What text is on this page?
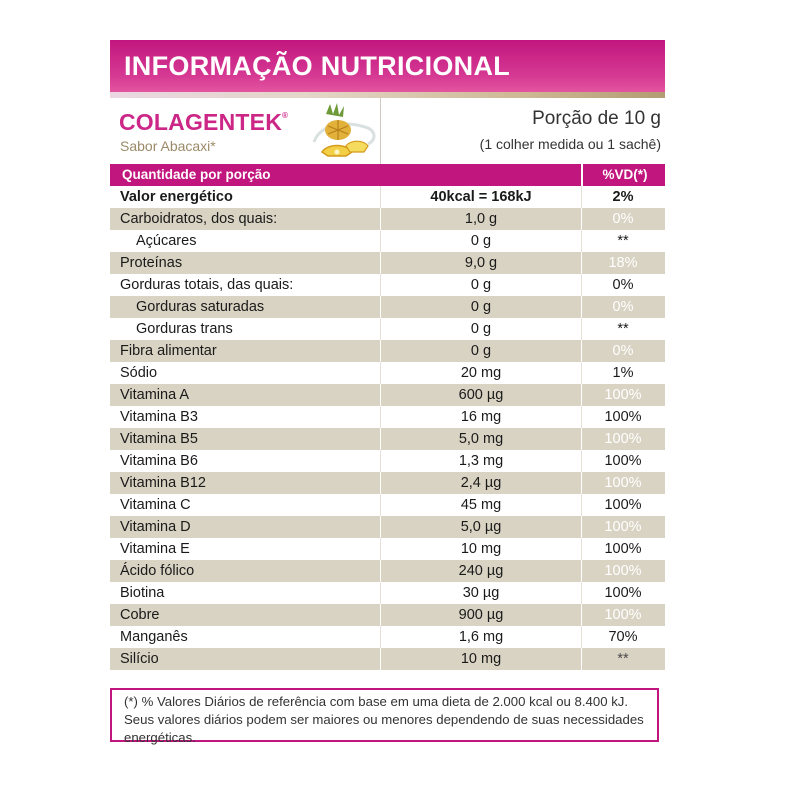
INFORMAÇÃO NUTRICIONAL
COLAGENTEK®
Sabor Abacaxi*
Porção de 10 g
(1 colher medida ou 1 sachê)
Quantidade por porção	%VD(*)
Valor energético	40kcal = 168kJ	2%
Carboidratos, dos quais:	1,0 g	0%
Açúcares	0 g	**
Proteínas	9,0 g	18%
Gorduras totais, das quais:	0 g	0%
Gorduras saturadas	0 g	0%
Gorduras trans	0 g	**
Fibra alimentar	0 g	0%
Sódio	20 mg	1%
Vitamina A	600 µg	100%
Vitamina B3	16 mg	100%
Vitamina B5	5,0 mg	100%
Vitamina B6	1,3 mg	100%
Vitamina B12	2,4 µg	100%
Vitamina C	45 mg	100%
Vitamina D	5,0 µg	100%
Vitamina E	10 mg	100%
Ácido fólico	240 µg	100%
Biotina	30 µg	100%
Cobre	900 µg	100%
Manganês	1,6 mg	70%
Silício	10 mg	**
(*) % Valores Diários de referência com base em uma dieta de 2.000 kcal ou 8.400 kJ. Seus valores diários podem ser maiores ou menores dependendo de suas necessidades energéticas.
